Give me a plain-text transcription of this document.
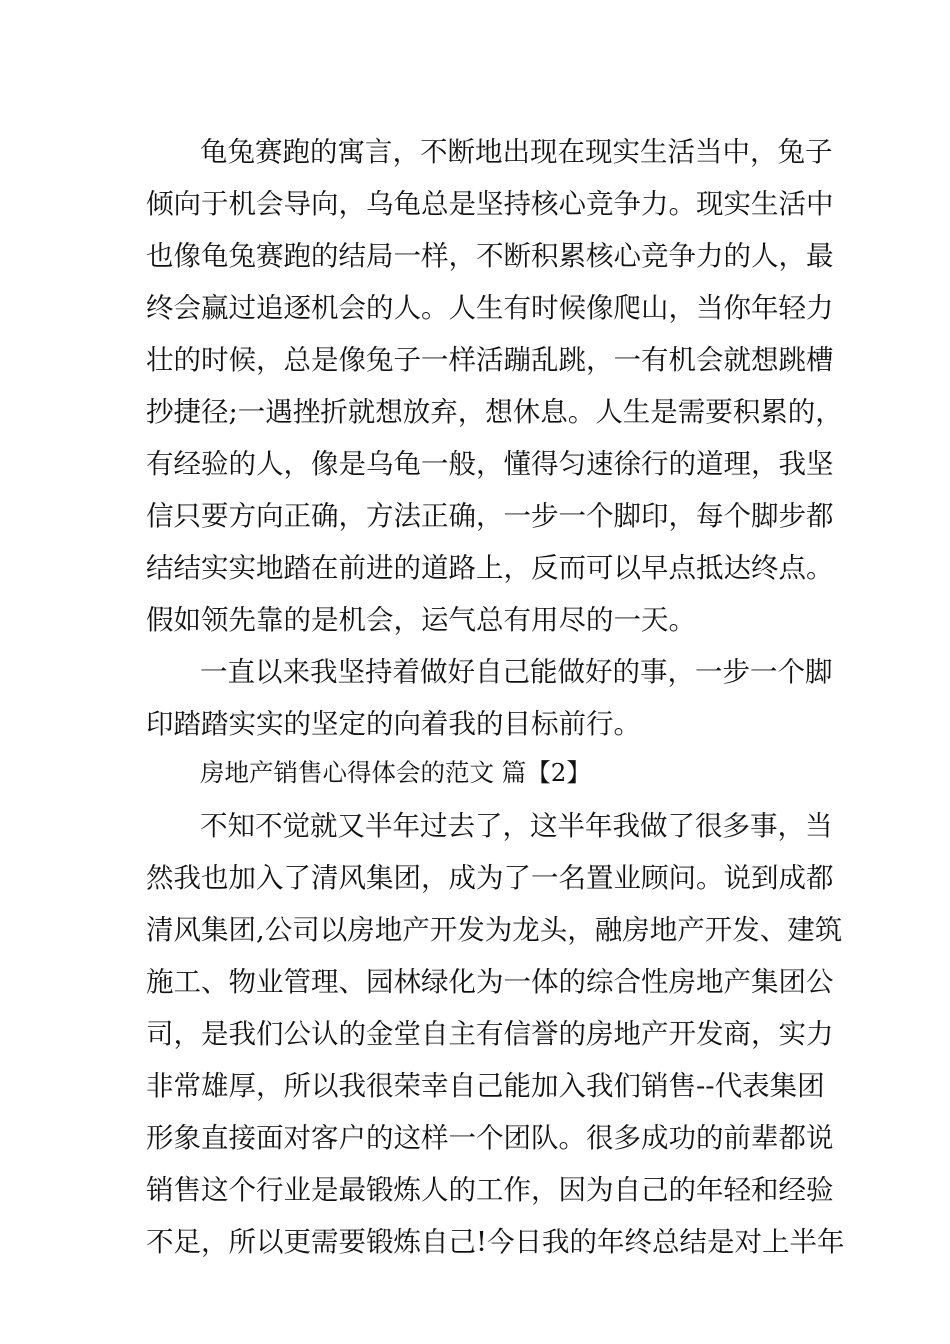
龟兔赛跑的寓言，不断地出现在现实生活当中，兔子
倾向于机会导向，乌龟总是坚持核心竞争力。现实生活中
也像龟兔赛跑的结局一样，不断积累核心竞争力的人，最
终会赢过追逐机会的人。人生有时候像爬山，当你年轻力
壮的时候，总是像兔子一样活蹦乱跳，一有机会就想跳槽
抄捷径;一遇挫折就想放弃，想休息。人生是需要积累的，
有经验的人，像是乌龟一般，懂得匀速徐行的道理，我坚
信只要方向正确，方法正确，一步一个脚印，每个脚步都
结结实实地踏在前进的道路上，反而可以早点抵达终点。
假如领先靠的是机会，运气总有用尽的一天。
一直以来我坚持着做好自己能做好的事，一步一个脚
印踏踏实实的坚定的向着我的目标前行。
房地产销售心得体会的范文 篇【2】
不知不觉就又半年过去了，这半年我做了很多事，当
然我也加入了清风集团，成为了一名置业顾问。说到成都
清风集团,公司以房地产开发为龙头，融房地产开发、建筑
施工、物业管理、园林绿化为一体的综合性房地产集团公
司，是我们公认的金堂自主有信誉的房地产开发商，实力
非常雄厚，所以我很荣幸自己能加入我们销售--代表集团
形象直接面对客户的这样一个团队。很多成功的前辈都说
销售这个行业是最锻炼人的工作，因为自己的年轻和经验
不足，所以更需要锻炼自己!今日我的年终总结是对上半年
